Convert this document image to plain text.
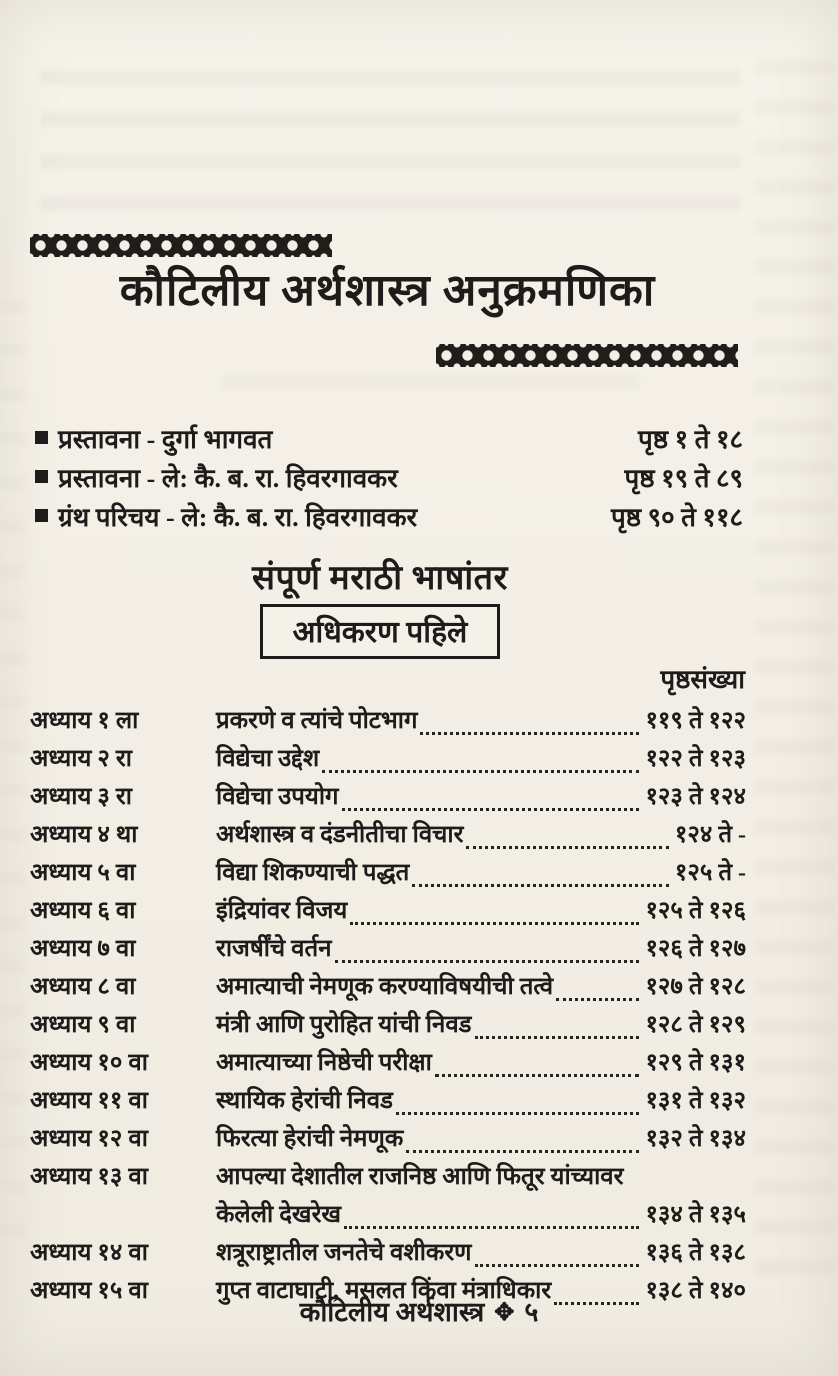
कौटिलीय अर्थशास्त्र अनुक्रमणिका
प्रस्तावना - दुर्गा भागवत	पृष्ठ १ ते १८
प्रस्तावना - ले: कै. ब. रा. हिवरगावकर	पृष्ठ १९ ते ८९
ग्रंथ परिचय - ले: कै. ब. रा. हिवरगावकर	पृष्ठ ९० ते ११८
संपूर्ण मराठी भाषांतर
अधिकरण पहिले
पृष्ठसंख्या
अध्याय १ ला	प्रकरणे व त्यांचे पोटभाग	११९ ते १२२
अध्याय २ रा	विद्येचा उद्देश	१२२ ते १२३
अध्याय ३ रा	विद्येचा उपयोग	१२३ ते १२४
अध्याय ४ था	अर्थशास्त्र व दंडनीतीचा विचार	१२४ ते -
अध्याय ५ वा	विद्या शिकण्याची पद्धत	१२५ ते -
अध्याय ६ वा	इंद्रियांवर विजय	१२५ ते १२६
अध्याय ७ वा	राजर्षींचे वर्तन	१२६ ते १२७
अध्याय ८ वा	अमात्याची नेमणूक करण्याविषयीची तत्वे	१२७ ते १२८
अध्याय ९ वा	मंत्री आणि पुरोहित यांची निवड	१२८ ते १२९
अध्याय १० वा	अमात्याच्या निष्ठेची परीक्षा	१२९ ते १३१
अध्याय ११ वा	स्थायिक हेरांची निवड	१३१ ते १३२
अध्याय १२ वा	फिरत्या हेरांची नेमणूक	१३२ ते १३४
अध्याय १३ वा	आपल्या देशातील राजनिष्ठ आणि फितूर यांच्यावर
केलेली देखरेख	१३४ ते १३५
अध्याय १४ वा	शत्रूराष्ट्रातील जनतेचे वशीकरण	१३६ ते १३८
अध्याय १५ वा	गुप्त वाटाघाटी, मसलत किंवा मंत्राधिकार	१३८ ते १४०
कौटिलीय अर्थशास्त्र ✥ ५
